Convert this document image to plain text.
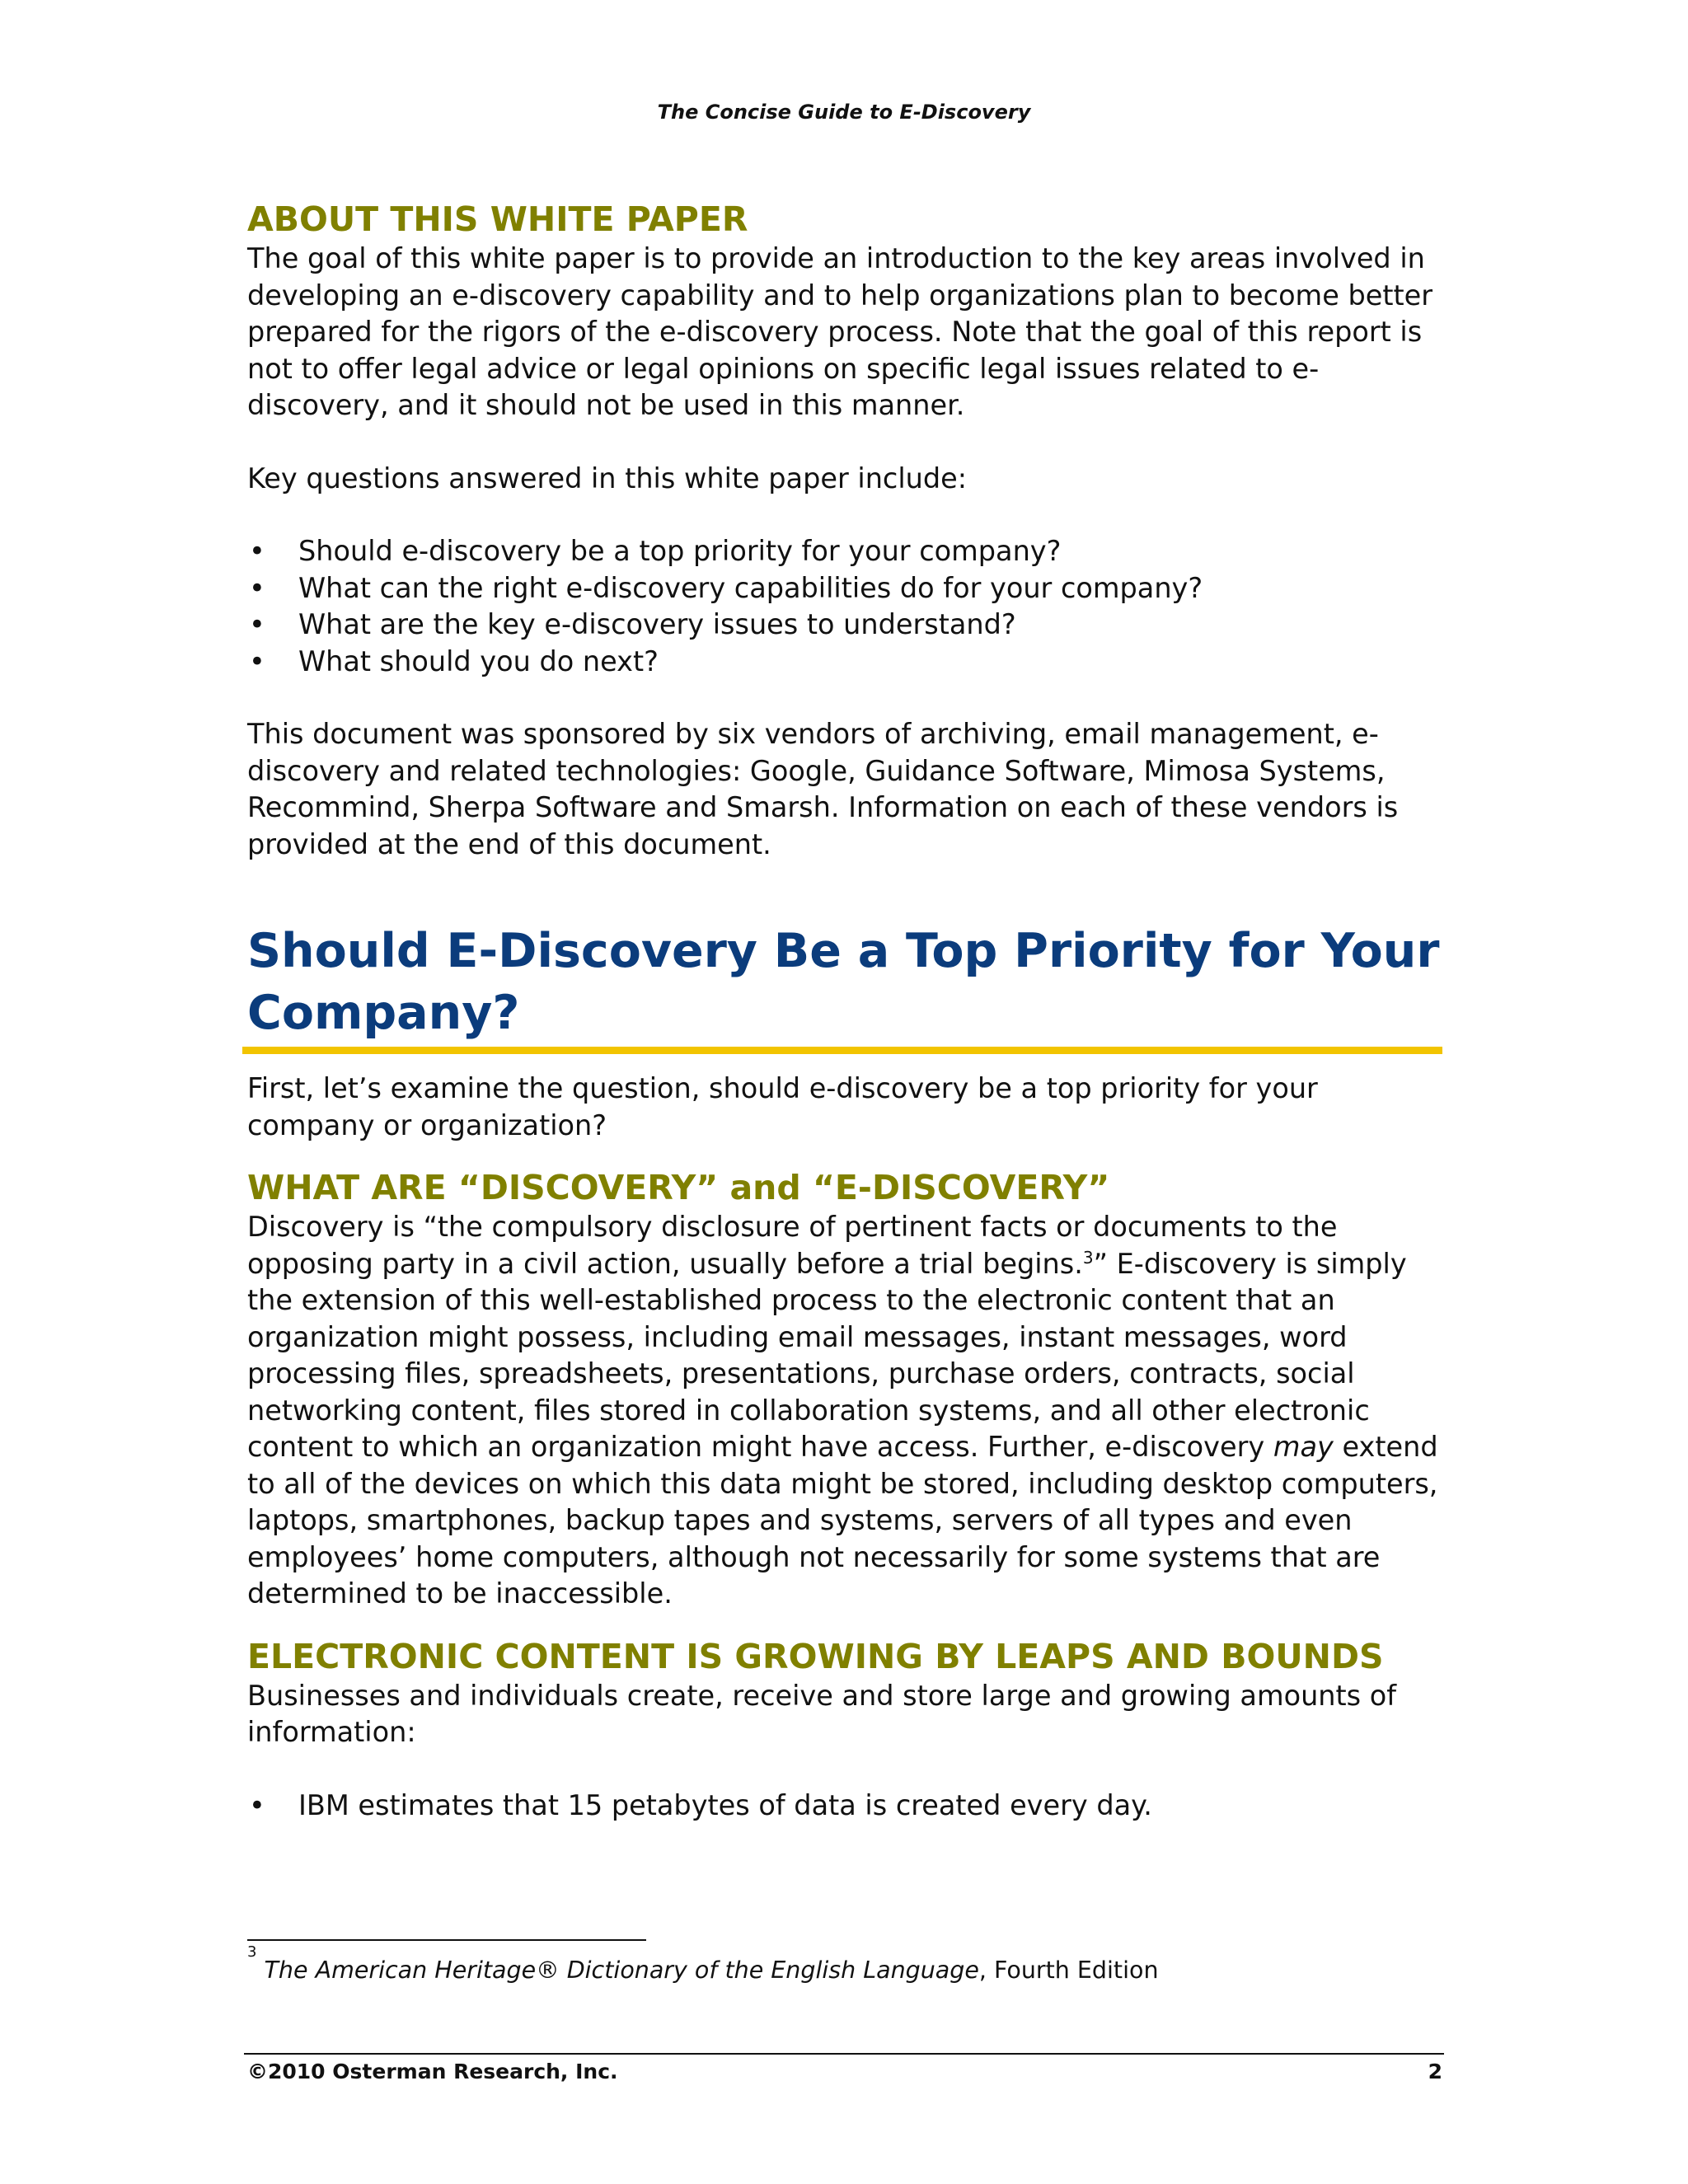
The Concise Guide to E-Discovery
ABOUT THIS WHITE PAPER

The goal of this white paper is to provide an introduction to the key areas involved in developing an e-discovery capability and to help organizations plan to become better prepared for the rigors of the e-discovery process. Note that the goal of this report is not to offer legal advice or legal opinions on specific legal issues related to e-discovery, and it should not be used in this manner.

Key questions answered in this white paper include:

• Should e-discovery be a top priority for your company?
• What can the right e-discovery capabilities do for your company?
• What are the key e-discovery issues to understand?
• What should you do next?

This document was sponsored by six vendors of archiving, email management, e-discovery and related technologies: Google, Guidance Software, Mimosa Systems, Recommind, Sherpa Software and Smarsh. Information on each of these vendors is provided at the end of this document.

Should E-Discovery Be a Top Priority for Your
Company?

First, let’s examine the question, should e-discovery be a top priority for your company or organization?

WHAT ARE “DISCOVERY” and “E-DISCOVERY”

Discovery is “the compulsory disclosure of pertinent facts or documents to the opposing party in a civil action, usually before a trial begins.$^3$” E-discovery is simply the extension of this well-established process to the electronic content that an organization might possess, including email messages, instant messages, word processing files, spreadsheets, presentations, purchase orders, contracts, social networking content, files stored in collaboration systems, and all other electronic content to which an organization might have access. Further, e-discovery may extend to all of the devices on which this data might be stored, including desktop computers, laptops, smartphones, backup tapes and systems, servers of all types and even employees’ home computers, although not necessarily for some systems that are determined to be inaccessible.

ELECTRONIC CONTENT IS GROWING BY LEAPS AND BOUNDS

Businesses and individuals create, receive and store large and growing amounts of information:

• IBM estimates that 15 petabytes of data is created every day.
$^3$ The American Heritage® Dictionary of the English Language, Fourth Edition
©2010 Osterman Research, Inc.	2
